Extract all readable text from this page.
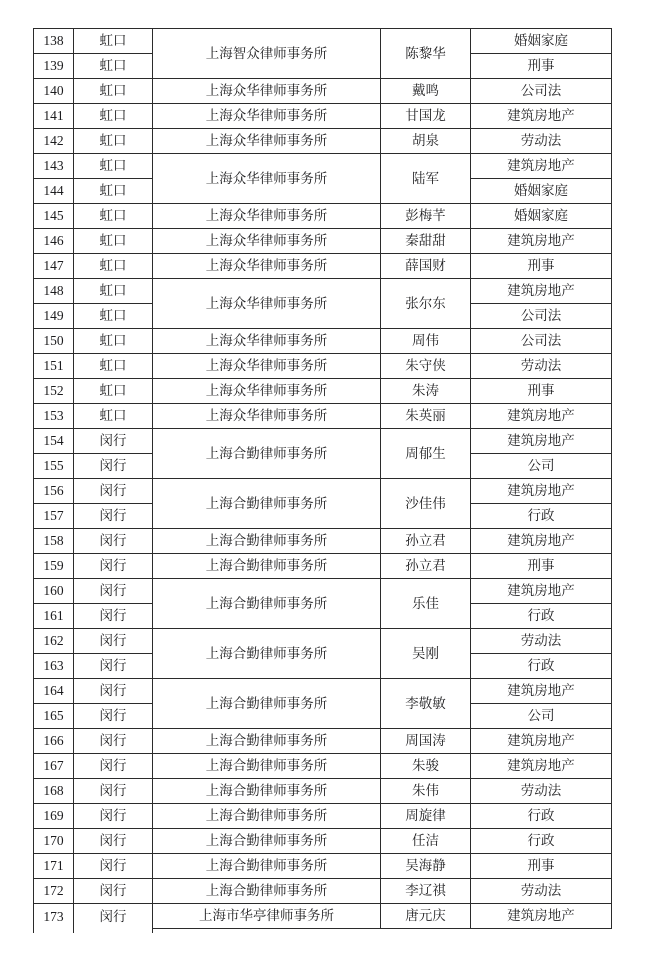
138	虹口	上海智众律师事务所	陈黎华	婚姻家庭
139	虹口			刑事
140	虹口	上海众华律师事务所	戴鸣	公司法
141	虹口	上海众华律师事务所	甘国龙	建筑房地产
142	虹口	上海众华律师事务所	胡泉	劳动法
143	虹口	上海众华律师事务所	陆军	建筑房地产
144	虹口			婚姻家庭
145	虹口	上海众华律师事务所	彭梅芊	婚姻家庭
146	虹口	上海众华律师事务所	秦甜甜	建筑房地产
147	虹口	上海众华律师事务所	薛国财	刑事
148	虹口	上海众华律师事务所	张尔东	建筑房地产
149	虹口			公司法
150	虹口	上海众华律师事务所	周伟	公司法
151	虹口	上海众华律师事务所	朱守侠	劳动法
152	虹口	上海众华律师事务所	朱涛	刑事
153	虹口	上海众华律师事务所	朱英丽	建筑房地产
154	闵行	上海合勤律师事务所	周郁生	建筑房地产
155	闵行			公司
156	闵行	上海合勤律师事务所	沙佳伟	建筑房地产
157	闵行			行政
158	闵行	上海合勤律师事务所	孙立君	建筑房地产
159	闵行	上海合勤律师事务所	孙立君	刑事
160	闵行	上海合勤律师事务所	乐佳	建筑房地产
161	闵行			行政
162	闵行	上海合勤律师事务所	吴刚	劳动法
163	闵行			行政
164	闵行	上海合勤律师事务所	李敬敏	建筑房地产
165	闵行			公司
166	闵行	上海合勤律师事务所	周国涛	建筑房地产
167	闵行	上海合勤律师事务所	朱骏	建筑房地产
168	闵行	上海合勤律师事务所	朱伟	劳动法
169	闵行	上海合勤律师事务所	周旋律	行政
170	闵行	上海合勤律师事务所	任洁	行政
171	闵行	上海合勤律师事务所	吴海静	刑事
172	闵行	上海合勤律师事务所	李辽祺	劳动法
173	闵行	上海市华亭律师事务所	唐元庆	建筑房地产
